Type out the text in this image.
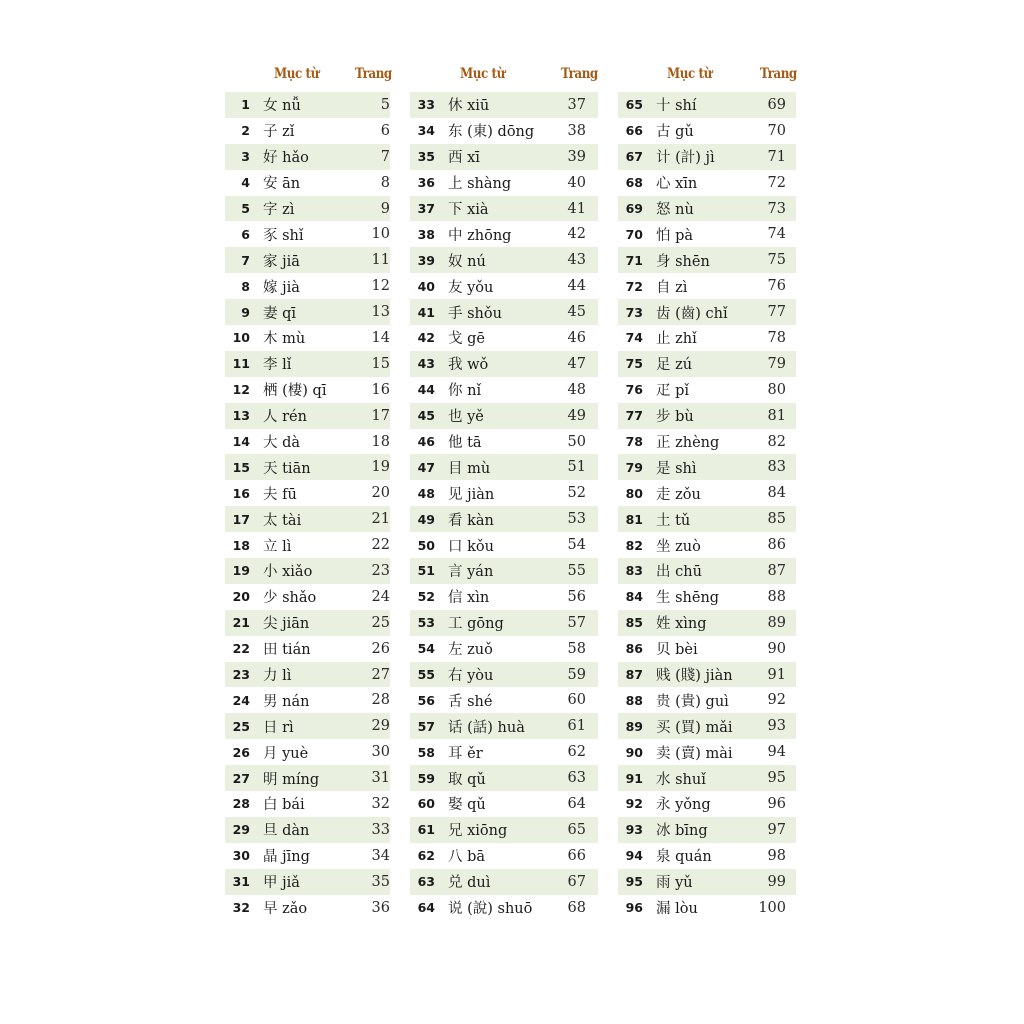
Mục từ	Trang	Mục từ	Trang	Mục từ	Trang
1	女 nǚ	5
2	子 zǐ	6
3	好 hǎo	7
4	安 ān	8
5	字 zì	9
6	豕 shǐ	10
7	家 jiā	11
8	嫁 jià	12
9	妻 qī	13
10	木 mù	14
11	李 lǐ	15
12	栖 (棲) qī	16
13	人 rén	17
14	大 dà	18
15	天 tiān	19
16	夫 fū	20
17	太 tài	21
18	立 lì	22
19	小 xiǎo	23
20	少 shǎo	24
21	尖 jiān	25
22	田 tián	26
23	力 lì	27
24	男 nán	28
25	日 rì	29
26	月 yuè	30
27	明 míng	31
28	白 bái	32
29	旦 dàn	33
30	晶 jīng	34
31	甲 jiǎ	35
32	早 zǎo	36
33	休 xiū	37
34	东 (東) dōng	38
35	西 xī	39
36	上 shàng	40
37	下 xià	41
38	中 zhōng	42
39	奴 nú	43
40	友 yǒu	44
41	手 shǒu	45
42	戈 gē	46
43	我 wǒ	47
44	你 nǐ	48
45	也 yě	49
46	他 tā	50
47	目 mù	51
48	见 jiàn	52
49	看 kàn	53
50	口 kǒu	54
51	言 yán	55
52	信 xìn	56
53	工 gōng	57
54	左 zuǒ	58
55	右 yòu	59
56	舌 shé	60
57	话 (話) huà	61
58	耳 ěr	62
59	取 qǔ	63
60	娶 qǔ	64
61	兄 xiōng	65
62	八 bā	66
63	兑 duì	67
64	说 (說) shuō	68
65	十 shí	69
66	古 gǔ	70
67	计 (計) jì	71
68	心 xīn	72
69	怒 nù	73
70	怕 pà	74
71	身 shēn	75
72	自 zì	76
73	齿 (齒) chǐ	77
74	止 zhǐ	78
75	足 zú	79
76	疋 pǐ	80
77	步 bù	81
78	正 zhèng	82
79	是 shì	83
80	走 zǒu	84
81	土 tǔ	85
82	坐 zuò	86
83	出 chū	87
84	生 shēng	88
85	姓 xìng	89
86	贝 bèi	90
87	贱 (賤) jiàn	91
88	贵 (貴) guì	92
89	买 (買) mǎi	93
90	卖 (賣) mài	94
91	水 shuǐ	95
92	永 yǒng	96
93	冰 bīng	97
94	泉 quán	98
95	雨 yǔ	99
96	漏 lòu	100
